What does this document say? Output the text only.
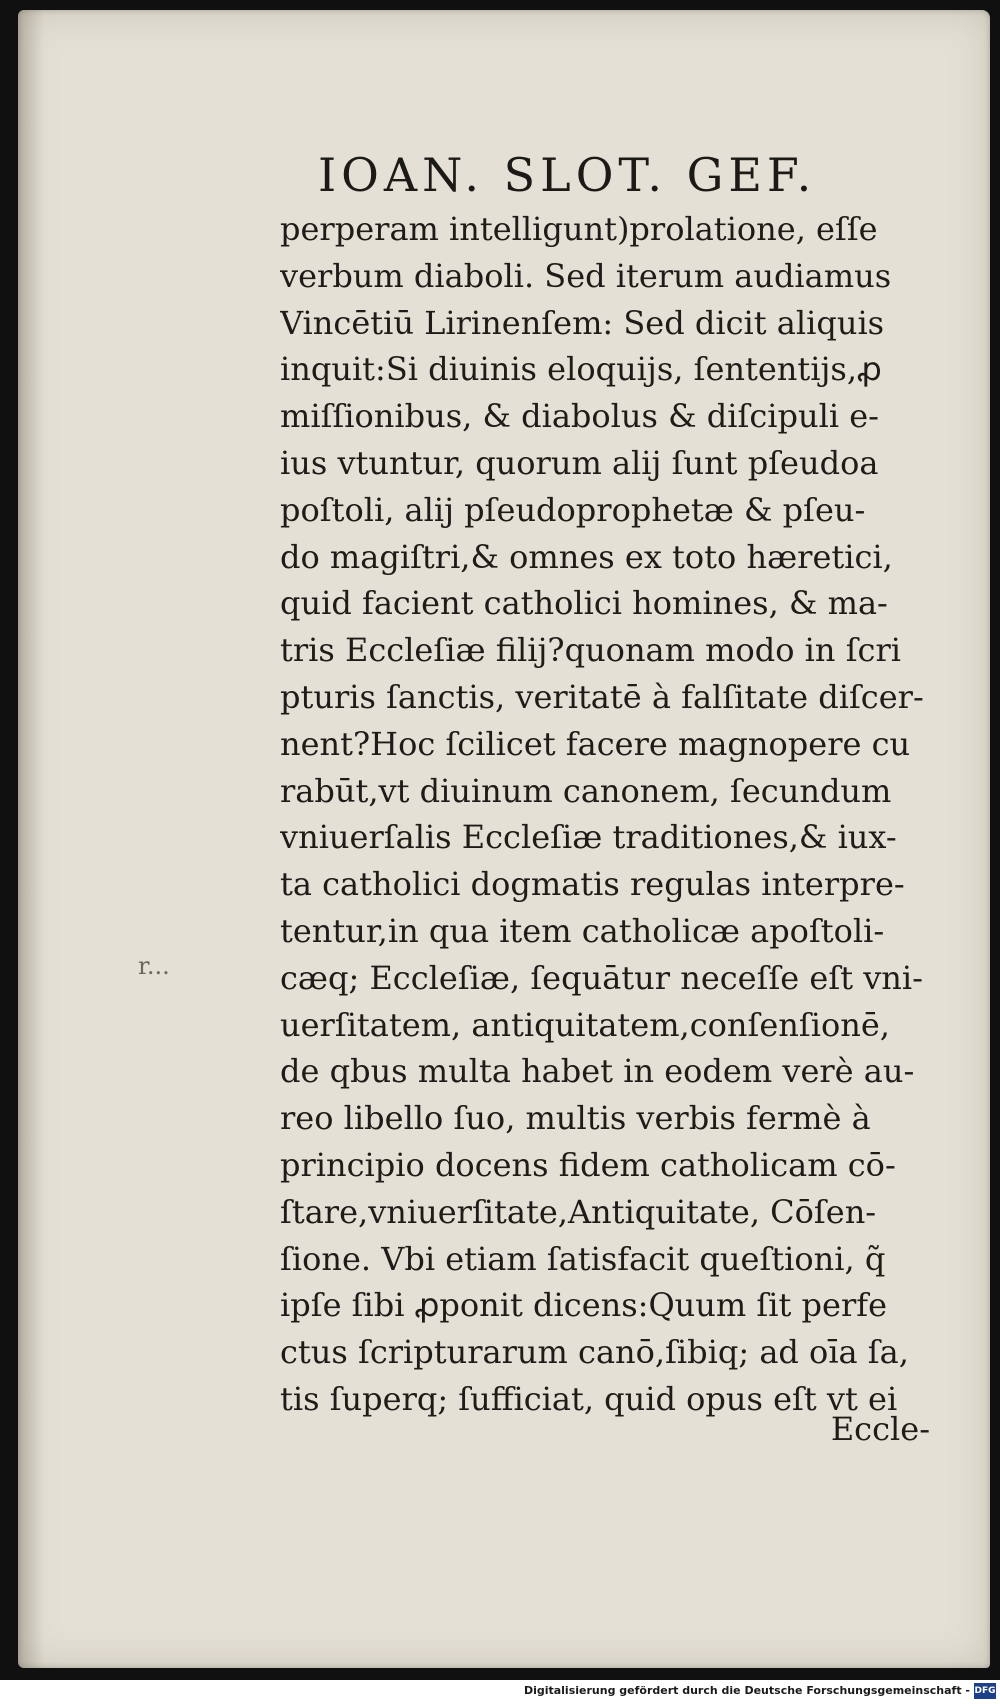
IOAN. SLOT. GEF.
perperam intelligunt)prolatione, eſſe
verbum diaboli. Sed iterum audiamus
Vincētiū Lirinenſem: Sed dicit aliquis
inquit:Si diuinis eloquijs, ſententijs,ꝓ
miſſionibus, & diabolus & diſcipuli e-
ius vtuntur, quorum alij ſunt pſeudoa
poſtoli, alij pſeudoprophetæ & pſeu-
do magiſtri,& omnes ex toto hæretici,
quid facient catholici homines, & ma-
tris Eccleſiæ filij?quonam modo in ſcri
pturis ſanctis, veritatē à falſitate diſcer-
nent?Hoc ſcilicet facere magnopere cu
rabūt,vt diuinum canonem, ſecundum
vniuerſalis Eccleſiæ traditiones,& iux-
ta catholici dogmatis regulas interpre-
tentur,in qua item catholicæ apoſtoli-
cæq; Eccleſiæ, ſequātur neceſſe eſt vni-
uerſitatem, antiquitatem,conſenſionē,
de qbus multa habet in eodem verè au-
reo libello ſuo, multis verbis fermè à
principio docens fidem catholicam cō-
ſtare,vniuerſitate,Antiquitate, Cōſen-
ſione. Vbi etiam ſatisfacit queſtioni, q̃
ipſe ſibi ꝓponit dicens:Quum ſit perfe
ctus ſcripturarum canō,ſibiq; ad oīa ſa,
tis ſuperq; ſufficiat, quid opus eſt vt ei
Eccle-
r...
Digitalisierung gefördert durch die Deutsche Forschungsgemeinschaft - DFG
